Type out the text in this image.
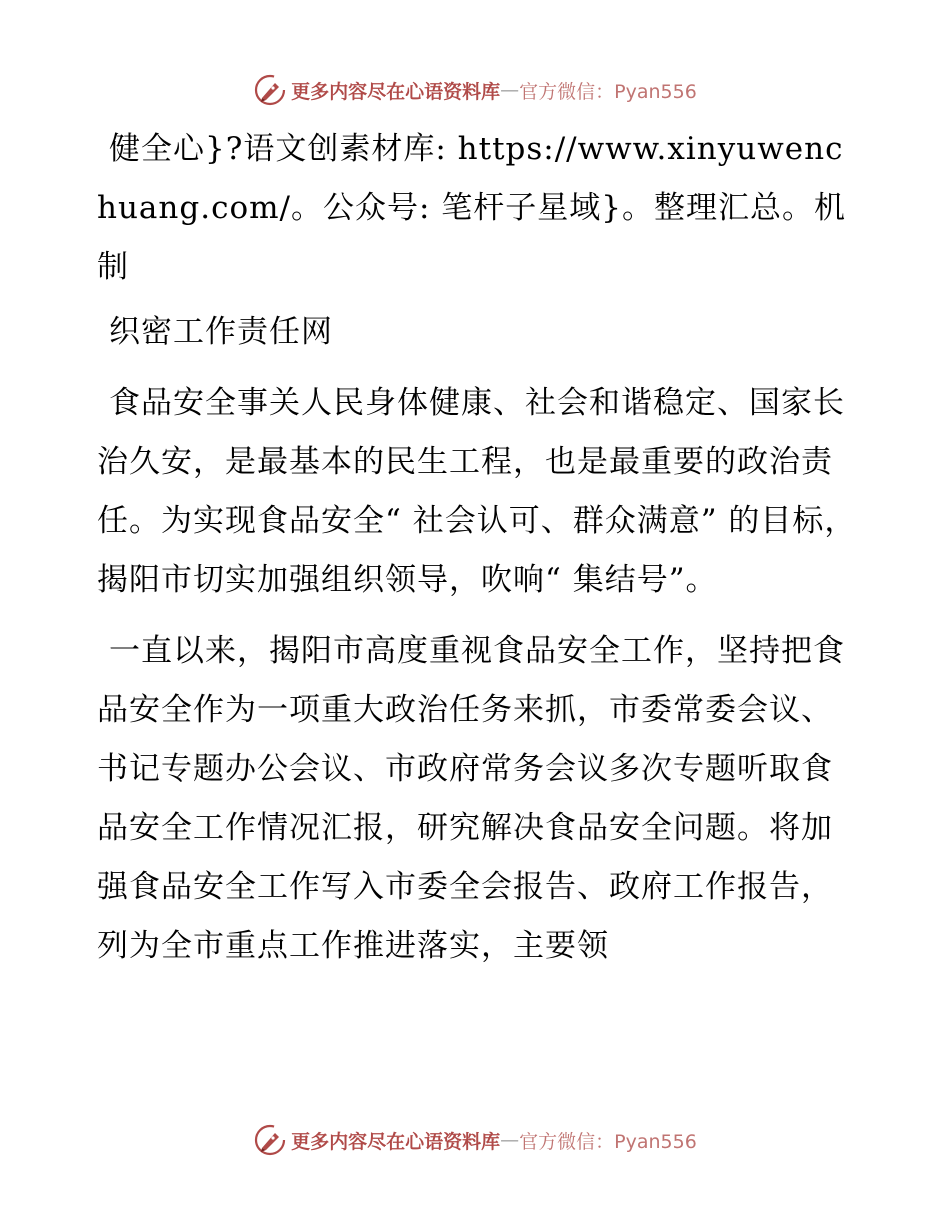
更多内容尽在心语资料库 — 官方微信：Pyan556

健全心}?语文创素材库: https://www.xinyuwenchuang.com/。公众号: 笔杆子星域}。整理汇总。机制

织密工作责任网

食品安全事关人民身体健康、社会和谐稳定、国家长治久安，是最基本的民生工程，也是最重要的政治责任。为实现食品安全“ 社会认可、群众满意” 的目标，揭阳市切实加强组织领导，吹响“ 集结号”。

一直以来，揭阳市高度重视食品安全工作，坚持把食品安全作为一项重大政治任务来抓，市委常委会议、书记专题办公会议、市政府常务会议多次专题听取食品安全工作情况汇报，研究解决食品安全问题。将加强食品安全工作写入市委全会报告、政府工作报告，列为全市重点工作推进落实，主要领

更多内容尽在心语资料库 — 官方微信：Pyan556
